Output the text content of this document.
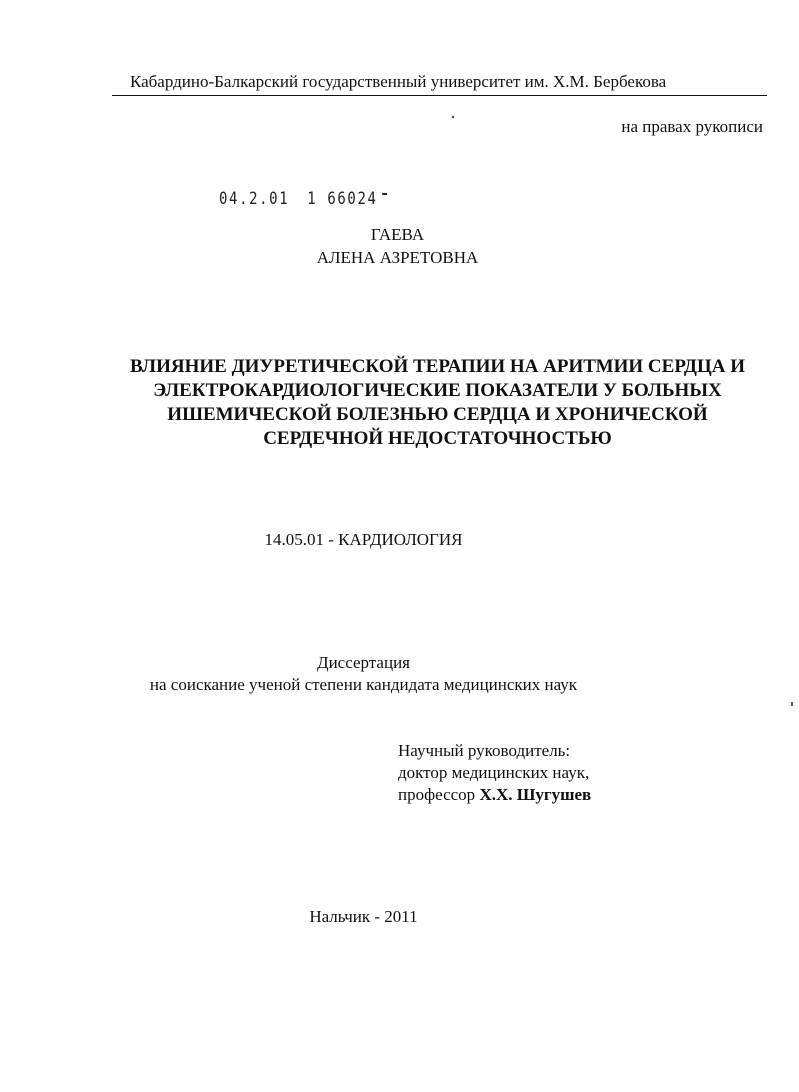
Кабардино-Балкарский государственный университет им. Х.М. Бербекова
на правах рукописи
04.2.01 1 66024
ГАЕВА
АЛЕНА АЗРЕТОВНА
ВЛИЯНИЕ ДИУРЕТИЧЕСКОЙ ТЕРАПИИ НА АРИТМИИ СЕРДЦА И
ЭЛЕКТРОКАРДИОЛОГИЧЕСКИЕ ПОКАЗАТЕЛИ У БОЛЬНЫХ
ИШЕМИЧЕСКОЙ БОЛЕЗНЬЮ СЕРДЦА И ХРОНИЧЕСКОЙ
СЕРДЕЧНОЙ НЕДОСТАТОЧНОСТЬЮ
14.05.01 - КАРДИОЛОГИЯ
Диссертация
на соискание ученой степени кандидата медицинских наук
Научный руководитель:
доктор медицинских наук,
профессор Х.Х. Шугушев
Нальчик - 2011
